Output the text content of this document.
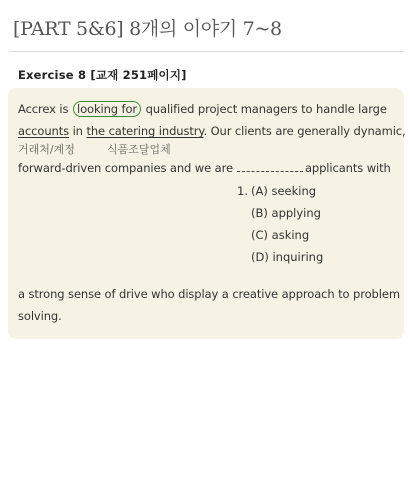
[PART 5&6] 8개의 이야기 7~8
Exercise 8 [교재 251페이지]
Accrex is looking for qualified project managers to handle large
accounts in the catering industry. Our clients are generally dynamic,
거래처/계정	식품조달업체
forward-driven companies and we are	applicants with
1. (A) seeking
(B) applying
(C) asking
(D) inquiring
a strong sense of drive who display a creative approach to problem
solving.
